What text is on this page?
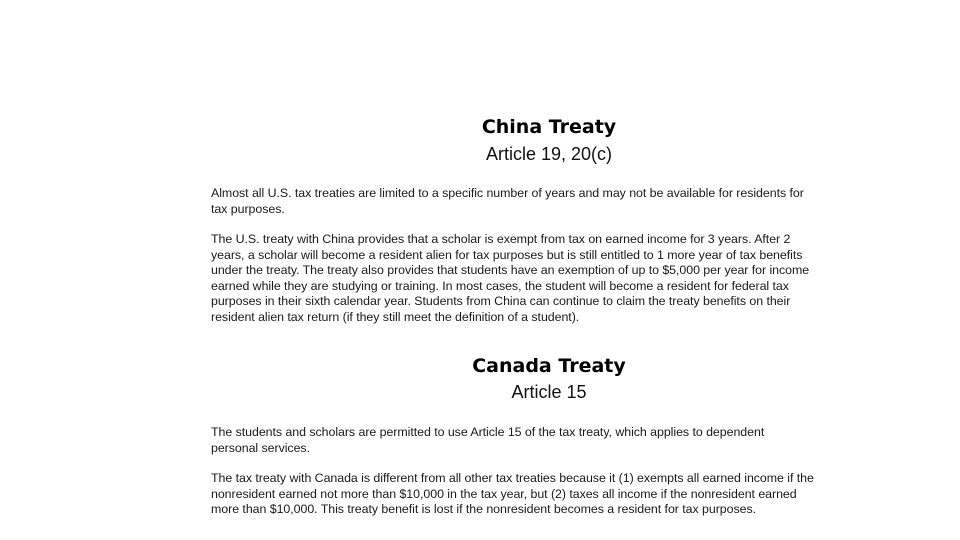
China Treaty
Article 19, 20(c)
Almost all U.S. tax treaties are limited to a specific number of years and may not be available for residents for
tax purposes.
The U.S. treaty with China provides that a scholar is exempt from tax on earned income for 3 years. After 2
years, a scholar will become a resident alien for tax purposes but is still entitled to 1 more year of tax benefits
under the treaty. The treaty also provides that students have an exemption of up to $5,000 per year for income
earned while they are studying or training. In most cases, the student will become a resident for federal tax
purposes in their sixth calendar year. Students from China can continue to claim the treaty benefits on their
resident alien tax return (if they still meet the definition of a student).
Canada Treaty
Article 15
The students and scholars are permitted to use Article 15 of the tax treaty, which applies to dependent
personal services.
The tax treaty with Canada is different from all other tax treaties because it (1) exempts all earned income if the
nonresident earned not more than $10,000 in the tax year, but (2) taxes all income if the nonresident earned
more than $10,000. This treaty benefit is lost if the nonresident becomes a resident for tax purposes.
